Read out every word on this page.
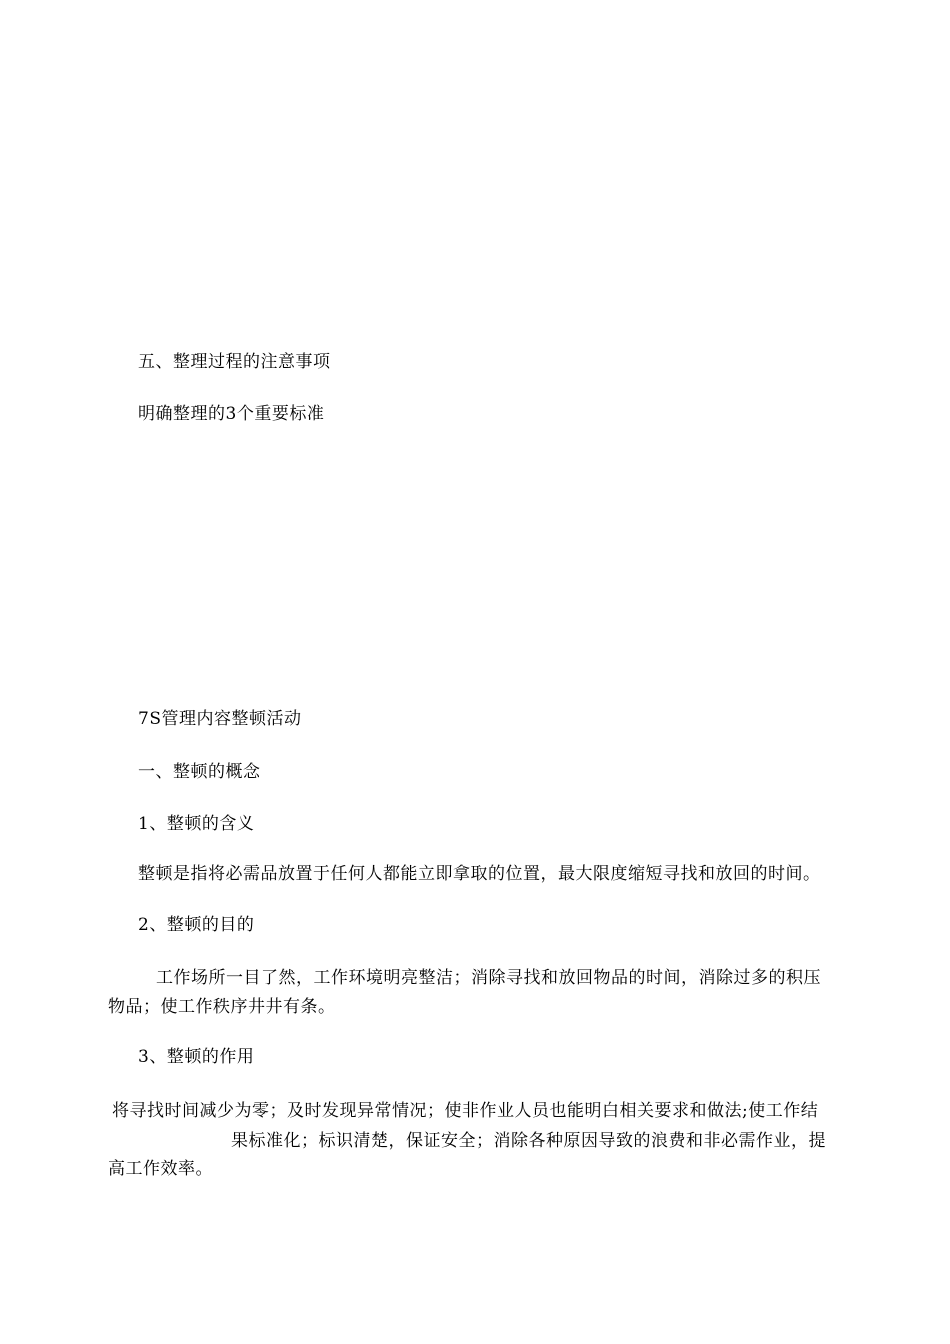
五、整理过程的注意事项
明确整理的3个重要标准
7S管理内容整顿活动
一、整顿的概念
1、整顿的含义
整顿是指将必需品放置于任何人都能立即拿取的位置，最大限度缩短寻找和放回的时间。
2、整顿的目的
工作场所一目了然，工作环境明亮整洁；消除寻找和放回物品的时间，消除过多的积压
物品；使工作秩序井井有条。
3、整顿的作用
将寻找时间减少为零；及时发现异常情况；使非作业人员也能明白相关要求和做法;使工作结
果标准化；标识清楚，保证安全；消除各种原因导致的浪费和非必需作业，提
高工作效率。
